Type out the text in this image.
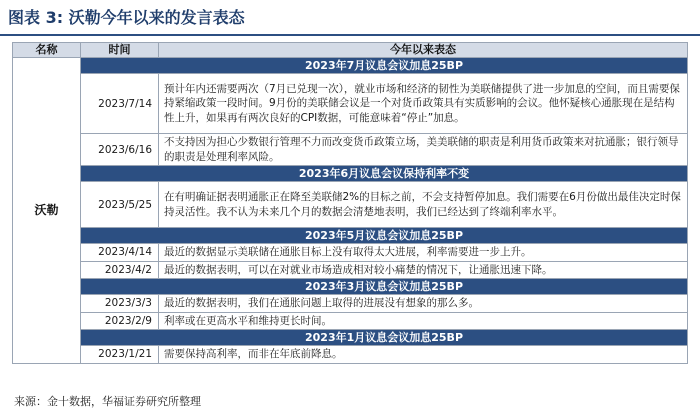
图表 3: 沃勒今年以来的发言表态
名称	时间	今年以来表态
沃勒	2023年7月议息会议加息25BP	
	2023/7/14	预计年内还需要两次（7月已兑现一次），就业市场和经济的韧性为美联储提供了进一步加息的空间，而且需要保持紧缩政策一段时间。9月份的美联储会议是一个对货币政策具有实质影响的会议。他怀疑核心通胀现在是结构性上升，如果再有两次良好的CPI数据，可能意味着“停止”加息。
	2023/6/16	不支持因为担心少数银行管理不力而改变货币政策立场，美美联储的职责是利用货币政策来对抗通胀；银行领导的职责是处理利率风险。
	2023年6月议息会议保持利率不变	
	2023/5/25	在有明确证据表明通胀正在降至美联储2%的目标之前，不会支持暂停加息。我们需要在6月份做出最佳决定时保持灵活性。我不认为未来几个月的数据会清楚地表明，我们已经达到了终端利率水平。
	2023年5月议息会议加息25BP	
	2023/4/14	最近的数据显示美联储在通胀目标上没有取得太大进展，利率需要进一步上升。
	2023/4/2	最近的数据表明，可以在对就业市场造成相对较小痛楚的情况下，让通胀迅速下降。
	2023年3月议息会议加息25BP	
	2023/3/3	最近的数据表明，我们在通胀问题上取得的进展没有想象的那么多。
	2023/2/9	利率或在更高水平和维持更长时间。
	2023年1月议息会议加息25BP	
	2023/1/21	需要保持高利率，而非在年底前降息。
来源：金十数据，华福证券研究所整理
